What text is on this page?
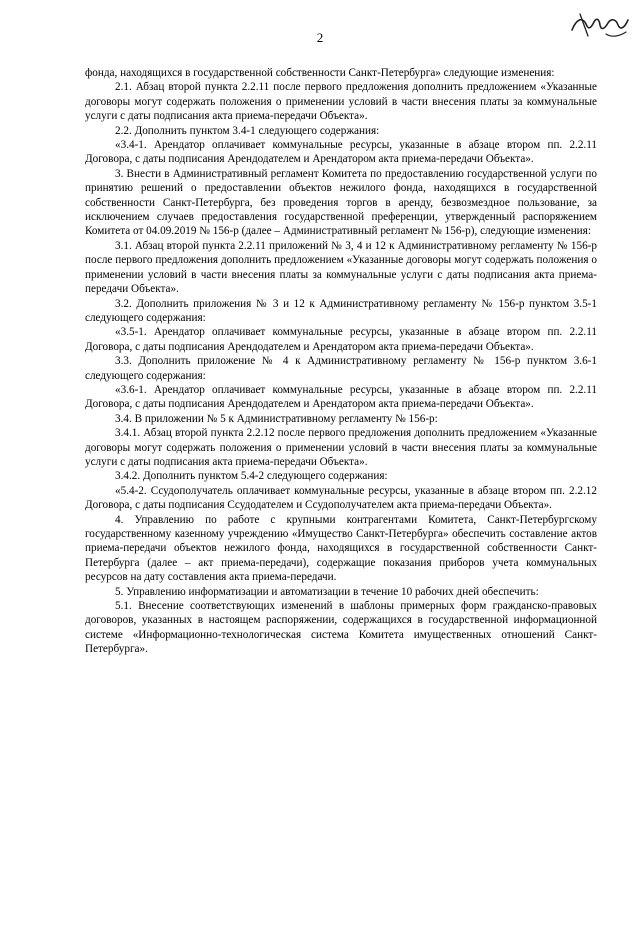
2

фонда, находящихся в государственной собственности Санкт-Петербурга» следующие изменения:

2.1. Абзац второй пункта 2.2.11 после первого предложения дополнить предложением «Указанные договоры могут содержать положения о применении условий в части внесения платы за коммунальные услуги с даты подписания акта приема-передачи Объекта».

2.2. Дополнить пунктом 3.4-1 следующего содержания:

«3.4-1. Арендатор оплачивает коммунальные ресурсы, указанные в абзаце втором пп. 2.2.11 Договора, с даты подписания Арендодателем и Арендатором акта приема-передачи Объекта».

3. Внести в Административный регламент Комитета по предоставлению государственной услуги по принятию решений о предоставлении объектов нежилого фонда, находящихся в государственной собственности Санкт-Петербурга, без проведения торгов в аренду, безвозмездное пользование, за исключением случаев предоставления государственной преференции, утвержденный распоряжением Комитета от 04.09.2019 № 156-р (далее – Административный регламент № 156-р), следующие изменения:

3.1. Абзац второй пункта 2.2.11 приложений № 3, 4 и 12 к Административному регламенту № 156-р после первого предложения дополнить предложением «Указанные договоры могут содержать положения о применении условий в части внесения платы за коммунальные услуги с даты подписания акта приема-передачи Объекта».

3.2. Дополнить приложения № 3 и 12 к Административному регламенту № 156-р пунктом 3.5-1 следующего содержания:

«3.5-1. Арендатор оплачивает коммунальные ресурсы, указанные в абзаце втором пп. 2.2.11 Договора, с даты подписания Арендодателем и Арендатором акта приема-передачи Объекта».

3.3. Дополнить приложение № 4 к Административному регламенту № 156-р пунктом 3.6-1 следующего содержания:

«3.6-1. Арендатор оплачивает коммунальные ресурсы, указанные в абзаце втором пп. 2.2.11 Договора, с даты подписания Арендодателем и Арендатором акта приема-передачи Объекта».

3.4. В приложении № 5 к Административному регламенту № 156-р:

3.4.1. Абзац второй пункта 2.2.12 после первого предложения дополнить предложением «Указанные договоры могут содержать положения о применении условий в части внесения платы за коммунальные услуги с даты подписания акта приема-передачи Объекта».

3.4.2. Дополнить пунктом 5.4-2 следующего содержания:

«5.4-2. Ссудополучатель оплачивает коммунальные ресурсы, указанные в абзаце втором пп. 2.2.12 Договора, с даты подписания Ссудодателем и Ссудополучателем акта приема-передачи Объекта».

4. Управлению по работе с крупными контрагентами Комитета, Санкт-Петербургскому государственному казенному учреждению «Имущество Санкт-Петербурга» обеспечить составление актов приема-передачи объектов нежилого фонда, находящихся в государственной собственности Санкт-Петербурга (далее – акт приема-передачи), содержащие показания приборов учета коммунальных ресурсов на дату составления акта приема-передачи.

5. Управлению информатизации и автоматизации в течение 10 рабочих дней обеспечить:

5.1. Внесение соответствующих изменений в шаблоны примерных форм гражданско-правовых договоров, указанных в настоящем распоряжении, содержащихся в государственной информационной системе «Информационно-технологическая система Комитета имущественных отношений Санкт-Петербурга».
